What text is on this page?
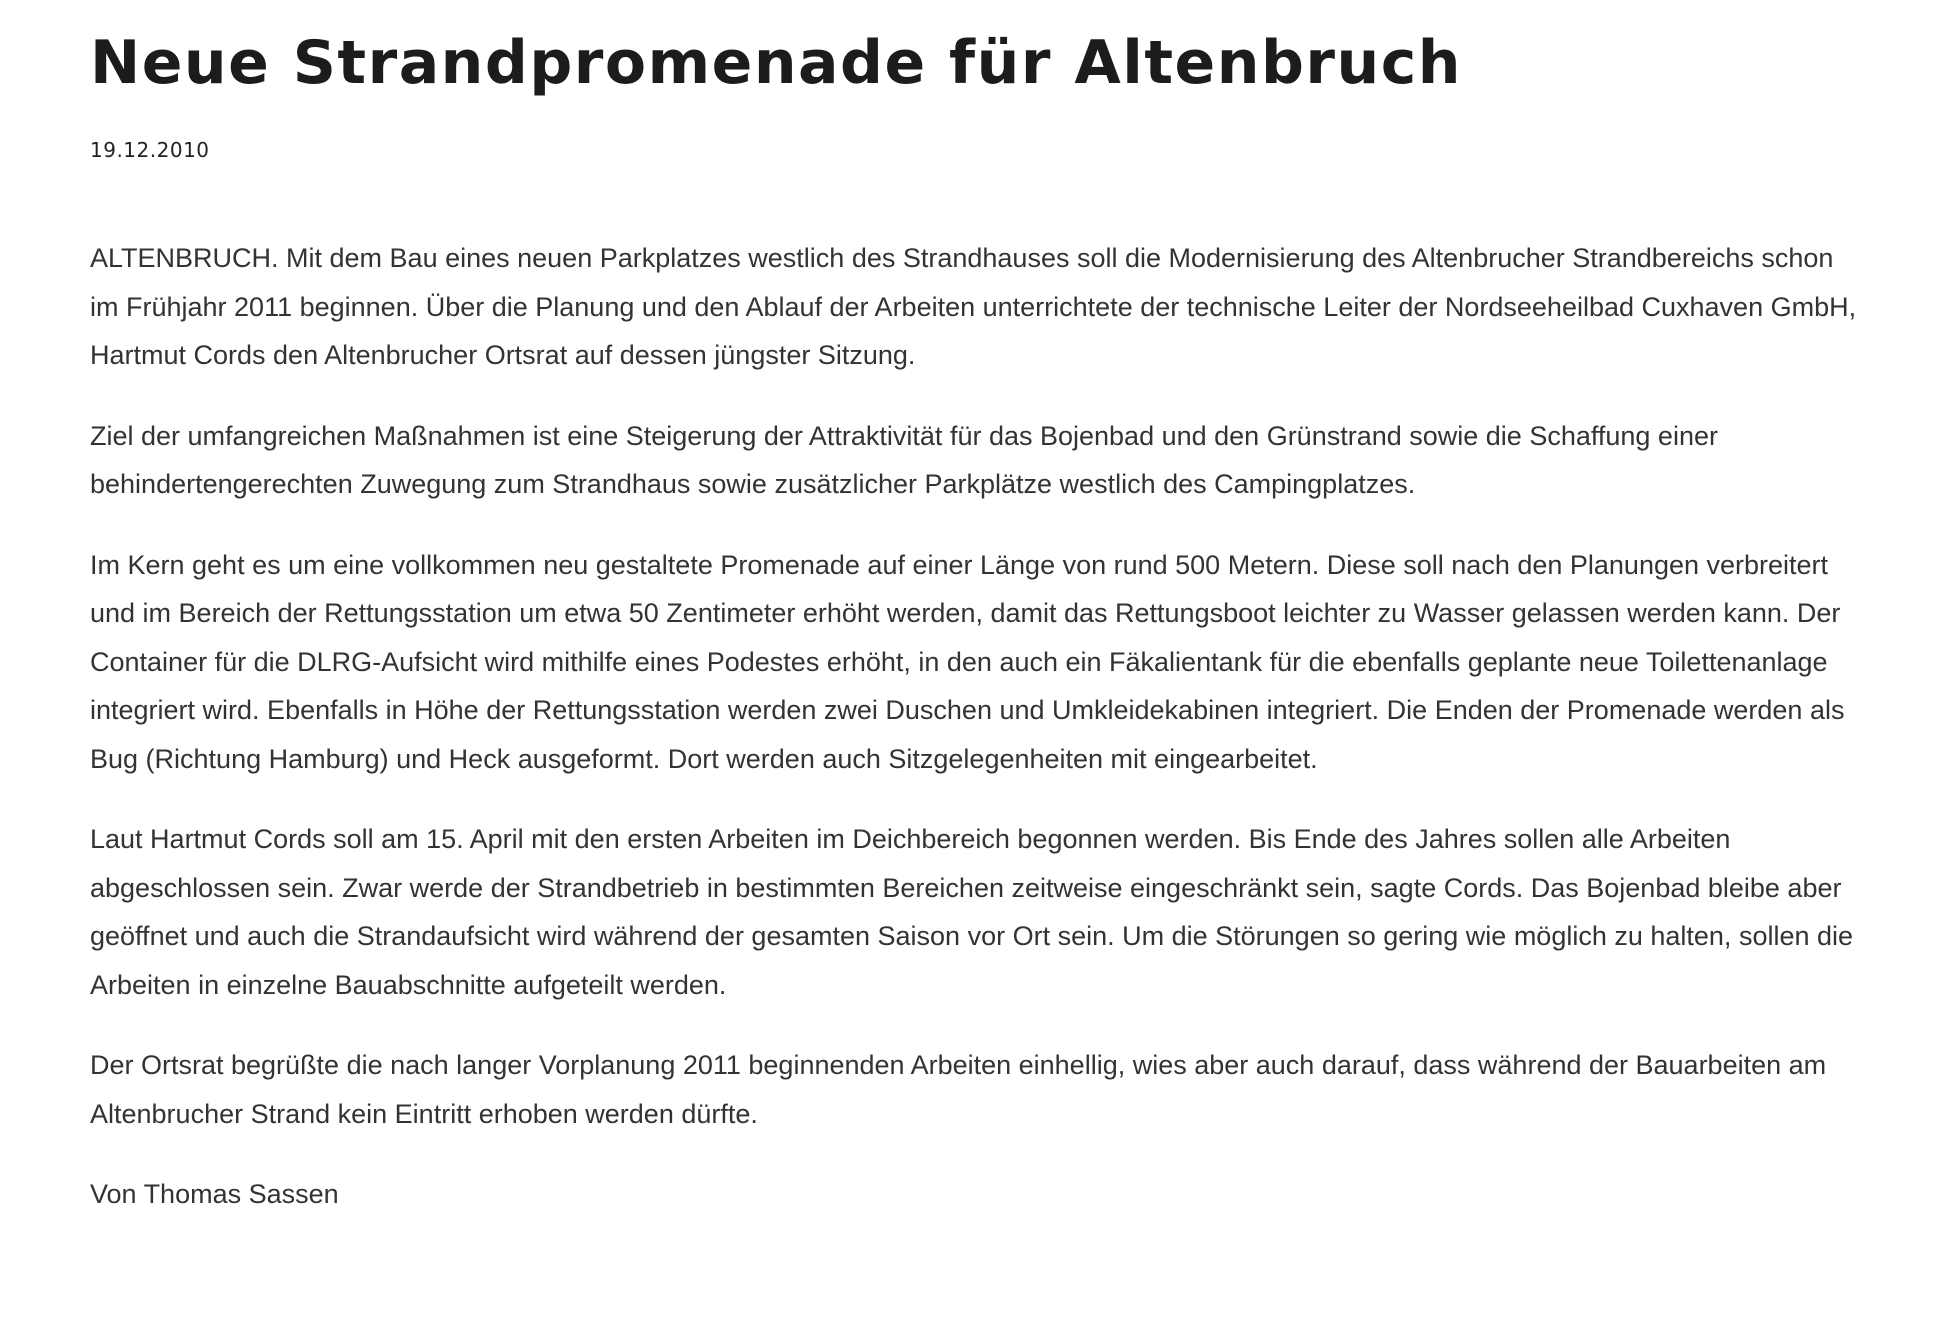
Neue Strandpromenade für Altenbruch
19.12.2010

ALTENBRUCH. Mit dem Bau eines neuen Parkplatzes westlich des Strandhauses soll die Modernisierung des Altenbrucher Strandbereichs schon im Frühjahr 2011 beginnen. Über die Planung und den Ablauf der Arbeiten unterrichtete der technische Leiter der Nordseeheilbad Cuxhaven GmbH, Hartmut Cords den Altenbrucher Ortsrat auf dessen jüngster Sitzung.

Ziel der umfangreichen Maßnahmen ist eine Steigerung der Attraktivität für das Bojenbad und den Grünstrand sowie die Schaffung einer behindertengerechten Zuwegung zum Strandhaus sowie zusätzlicher Parkplätze westlich des Campingplatzes.

Im Kern geht es um eine vollkommen neu gestaltete Promenade auf einer Länge von rund 500 Metern. Diese soll nach den Planungen verbreitert und im Bereich der Rettungsstation um etwa 50 Zentimeter erhöht werden, damit das Rettungsboot leichter zu Wasser gelassen werden kann. Der Container für die DLRG-Aufsicht wird mithilfe eines Podestes erhöht, in den auch ein Fäkalientank für die ebenfalls geplante neue Toilettenanlage integriert wird. Ebenfalls in Höhe der Rettungsstation werden zwei Duschen und Umkleidekabinen integriert. Die Enden der Promenade werden als Bug (Richtung Hamburg) und Heck ausgeformt. Dort werden auch Sitzgelegenheiten mit eingearbeitet.

Laut Hartmut Cords soll am 15. April mit den ersten Arbeiten im Deichbereich begonnen werden. Bis Ende des Jahres sollen alle Arbeiten abgeschlossen sein. Zwar werde der Strandbetrieb in bestimmten Bereichen zeitweise eingeschränkt sein, sagte Cords. Das Bojenbad bleibe aber geöffnet und auch die Strandaufsicht wird während der gesamten Saison vor Ort sein. Um die Störungen so gering wie möglich zu halten, sollen die Arbeiten in einzelne Bauabschnitte aufgeteilt werden.

Der Ortsrat begrüßte die nach langer Vorplanung 2011 beginnenden Arbeiten einhellig, wies aber auch darauf, dass während der Bauarbeiten am Altenbrucher Strand kein Eintritt erhoben werden dürfte.

Von Thomas Sassen
